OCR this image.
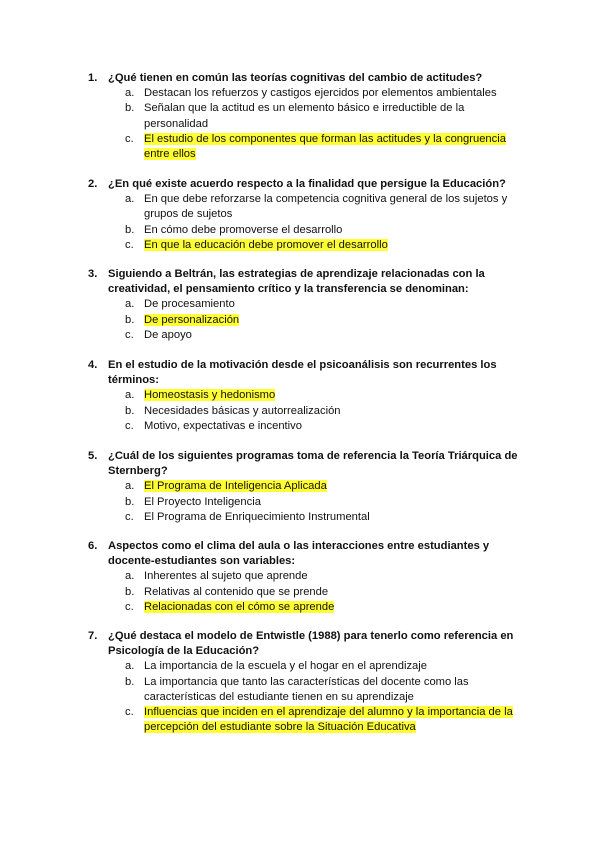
1. ¿Qué tienen en común las teorías cognitivas del cambio de actitudes?
a. Destacan los refuerzos y castigos ejercidos por elementos ambientales
b. Señalan que la actitud es un elemento básico e irreductible de la personalidad
c. El estudio de los componentes que forman las actitudes y la congruencia entre ellos
2. ¿En qué existe acuerdo respecto a la finalidad que persigue la Educación?
a. En que debe reforzarse la competencia cognitiva general de los sujetos y grupos de sujetos
b. En cómo debe promoverse el desarrollo
c. En que la educación debe promover el desarrollo
3. Siguiendo a Beltrán, las estrategias de aprendizaje relacionadas con la creatividad, el pensamiento crítico y la transferencia se denominan:
a. De procesamiento
b. De personalización
c. De apoyo
4. En el estudio de la motivación desde el psicoanálisis son recurrentes los términos:
a. Homeostasis y hedonismo
b. Necesidades básicas y autorrealización
c. Motivo, expectativas e incentivo
5. ¿Cuál de los siguientes programas toma de referencia la Teoría Triárquica de Sternberg?
a. El Programa de Inteligencia Aplicada
b. El Proyecto Inteligencia
c. El Programa de Enriquecimiento Instrumental
6. Aspectos como el clima del aula o las interacciones entre estudiantes y docente-estudiantes son variables:
a. Inherentes al sujeto que aprende
b. Relativas al contenido que se prende
c. Relacionadas con el cómo se aprende
7. ¿Qué destaca el modelo de Entwistle (1988) para tenerlo como referencia en Psicología de la Educación?
a. La importancia de la escuela y el hogar en el aprendizaje
b. La importancia que tanto las características del docente como las características del estudiante tienen en su aprendizaje
c. Influencias que inciden en el aprendizaje del alumno y la importancia de la percepción del estudiante sobre la Situación Educativa
